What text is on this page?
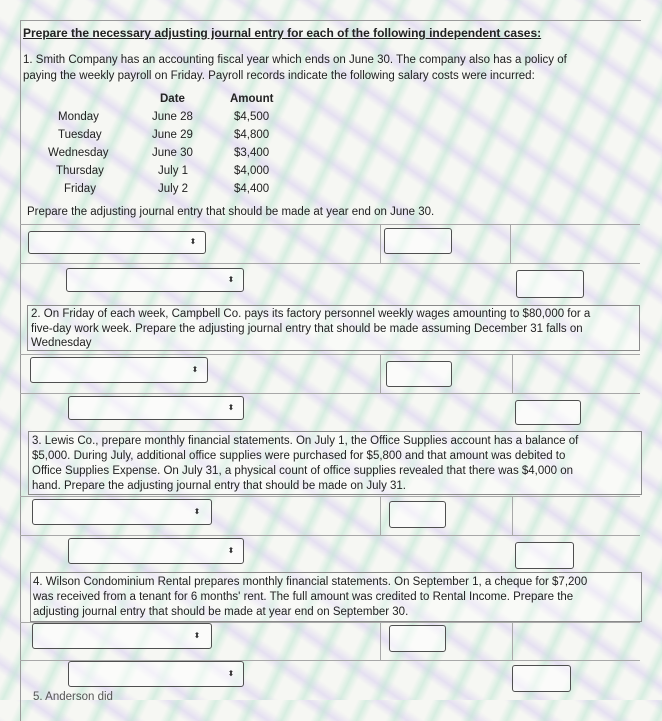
Prepare the necessary adjusting journal entry for each of the following independent cases:
1. Smith Company has an accounting fiscal year which ends on June 30. The company also has a policy of
paying the weekly payroll on Friday. Payroll records indicate the following salary costs were incurred:
Date	Amount
Monday	June 28	$4,500
Tuesday	June 29	$4,800
Wednesday	June 30	$3,400
Thursday	July 1	$4,000
Friday	July 2	$4,400
Prepare the adjusting journal entry that should be made at year end on June 30.
⬍
⬍
2. On Friday of each week, Campbell Co. pays its factory personnel weekly wages amounting to $80,000 for a
five-day work week. Prepare the adjusting journal entry that should be made assuming December 31 falls on
Wednesday
⬍
⬍
3. Lewis Co., prepare monthly financial statements. On July 1, the Office Supplies account has a balance of
$5,000. During July, additional office supplies were purchased for $5,800 and that amount was debited to
Office Supplies Expense. On July 31, a physical count of office supplies revealed that there was $4,000 on
hand. Prepare the adjusting journal entry that should be made on July 31.
⬍
⬍
4. Wilson Condominium Rental prepares monthly financial statements. On September 1, a cheque for $7,200
was received from a tenant for 6 months' rent. The full amount was credited to Rental Income. Prepare the
adjusting journal entry that should be made at year end on September 30.
⬍
⬍
5. Anderson did
